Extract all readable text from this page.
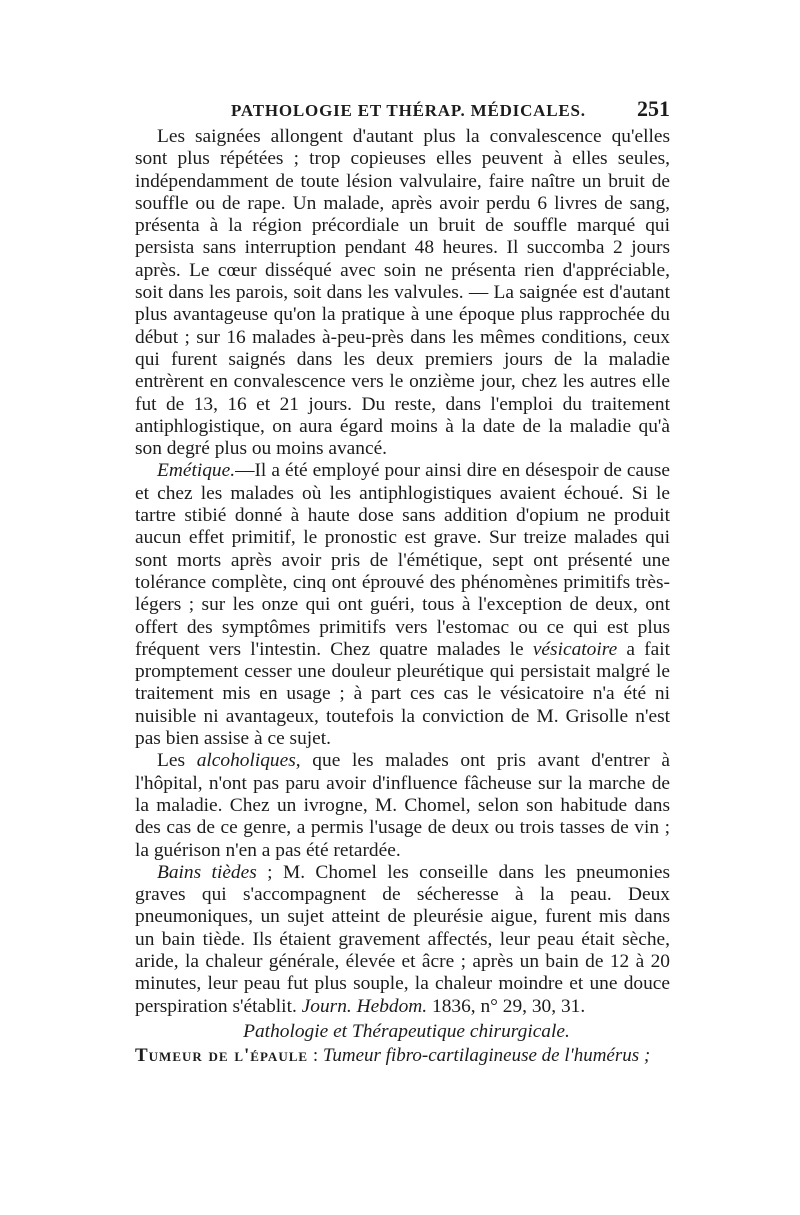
PATHOLOGIE ET THÉRAP. MÉDICALES. 251

Les saignées allongent d'autant plus la convalescence qu'elles sont plus répétées ; trop copieuses elles peuvent à elles seules, indépendamment de toute lésion valvulaire, faire naître un bruit de souffle ou de rape. Un malade, après avoir perdu 6 livres de sang, présenta à la région précordiale un bruit de souffle marqué qui persista sans interruption pendant 48 heures. Il succomba 2 jours après. Le cœur disséqué avec soin ne présenta rien d'appréciable, soit dans les parois, soit dans les valvules. — La saignée est d'autant plus avantageuse qu'on la pratique à une époque plus rapprochée du début ; sur 16 malades à-peu-près dans les mêmes conditions, ceux qui furent saignés dans les deux premiers jours de la maladie entrèrent en convalescence vers le onzième jour, chez les autres elle fut de 13, 16 et 21 jours. Du reste, dans l'emploi du traitement antiphlogistique, on aura égard moins à la date de la maladie qu'à son degré plus ou moins avancé.

Emétique.—Il a été employé pour ainsi dire en désespoir de cause et chez les malades où les antiphlogistiques avaient échoué. Si le tartre stibié donné à haute dose sans addition d'opium ne produit aucun effet primitif, le pronostic est grave. Sur treize malades qui sont morts après avoir pris de l'émétique, sept ont présenté une tolérance complète, cinq ont éprouvé des phénomènes primitifs très-légers ; sur les onze qui ont guéri, tous à l'exception de deux, ont offert des symptômes primitifs vers l'estomac ou ce qui est plus fréquent vers l'intestin. Chez quatre malades le vésicatoire a fait promptement cesser une douleur pleurétique qui persistait malgré le traitement mis en usage ; à part ces cas le vésicatoire n'a été ni nuisible ni avantageux, toutefois la conviction de M. Grisolle n'est pas bien assise à ce sujet.

Les alcoholiques, que les malades ont pris avant d'entrer à l'hôpital, n'ont pas paru avoir d'influence fâcheuse sur la marche de la maladie. Chez un ivrogne, M. Chomel, selon son habitude dans des cas de ce genre, a permis l'usage de deux ou trois tasses de vin ; la guérison n'en a pas été retardée.

Bains tièdes ; M. Chomel les conseille dans les pneumonies graves qui s'accompagnent de sécheresse à la peau. Deux pneumoniques, un sujet atteint de pleurésie aigue, furent mis dans un bain tiède. Ils étaient gravement affectés, leur peau était sèche, aride, la chaleur générale, élevée et âcre ; après un bain de 12 à 20 minutes, leur peau fut plus souple, la chaleur moindre et une douce perspiration s'établit. Journ. Hebdom. 1836, n° 29, 30, 31.

Pathologie et Thérapeutique chirurgicale.
Tumeur de l'épaule : Tumeur fibro-cartilagineuse de l'humérus ;
